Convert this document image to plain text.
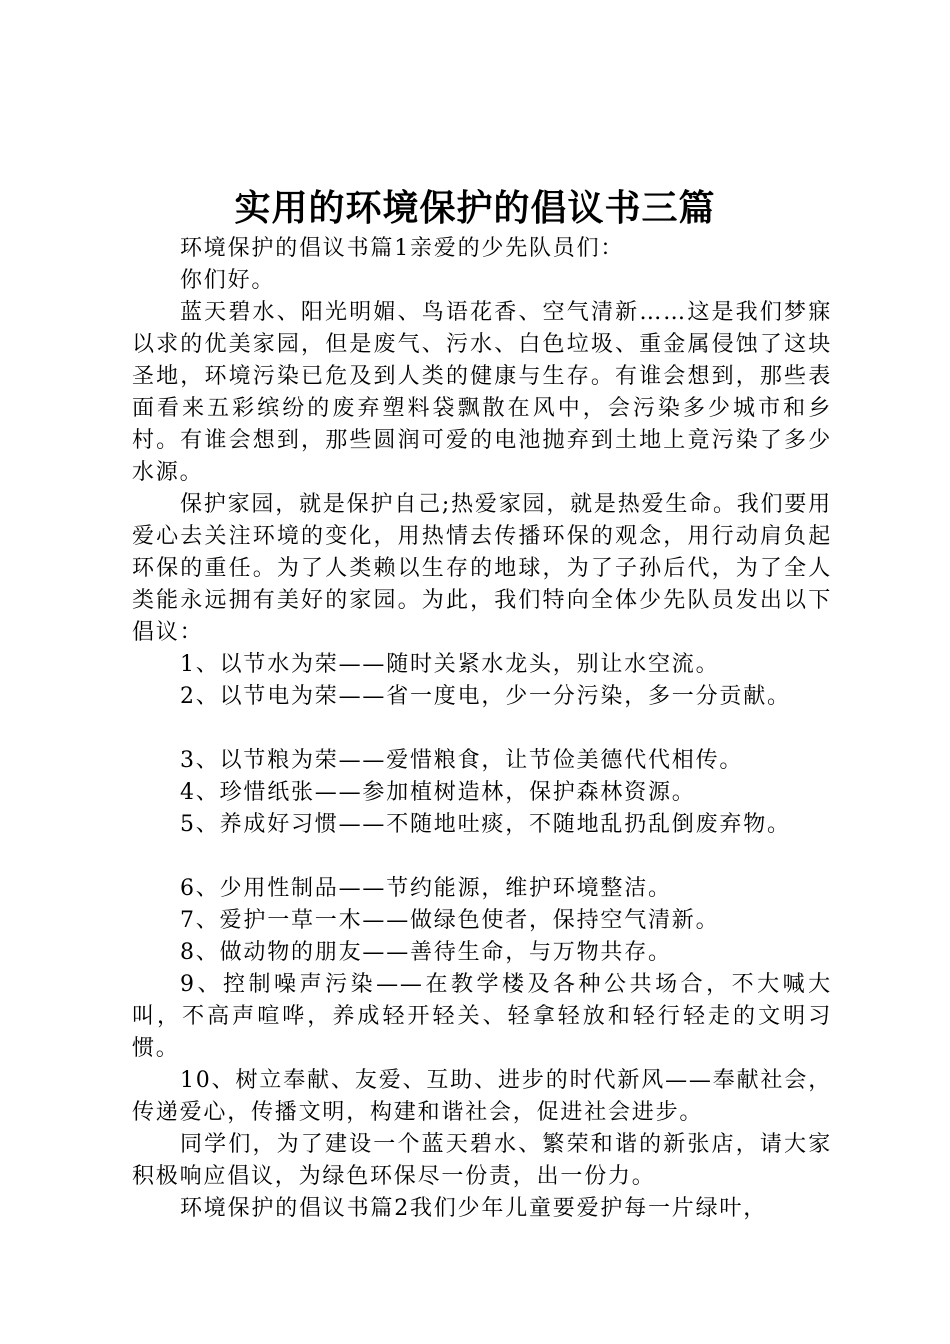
实用的环境保护的倡议书三篇

环境保护的倡议书篇1亲爱的少先队员们：

你们好。

蓝天碧水、阳光明媚、鸟语花香、空气清新……这是我们梦寐以求的优美家园，但是废气、污水、白色垃圾、重金属侵蚀了这块圣地，环境污染已危及到人类的健康与生存。有谁会想到，那些表面看来五彩缤纷的废弃塑料袋飘散在风中，会污染多少城市和乡村。有谁会想到，那些圆润可爱的电池抛弃到土地上竟污染了多少水源。

保护家园，就是保护自己;热爱家园，就是热爱生命。我们要用爱心去关注环境的变化，用热情去传播环保的观念，用行动肩负起环保的重任。为了人类赖以生存的地球，为了子孙后代，为了全人类能永远拥有美好的家园。为此，我们特向全体少先队员发出以下倡议：

1、以节水为荣——随时关紧水龙头，别让水空流。

2、以节电为荣——省一度电，少一分污染，多一分贡献。

3、以节粮为荣——爱惜粮食，让节俭美德代代相传。

4、珍惜纸张——参加植树造林，保护森林资源。

5、养成好习惯——不随地吐痰，不随地乱扔乱倒废弃物。

6、少用性制品——节约能源，维护环境整洁。

7、爱护一草一木——做绿色使者，保持空气清新。

8、做动物的朋友——善待生命，与万物共存。

9、控制噪声污染——在教学楼及各种公共场合，不大喊大叫，不高声喧哗，养成轻开轻关、轻拿轻放和轻行轻走的文明习惯。

10、树立奉献、友爱、互助、进步的时代新风——奉献社会，传递爱心，传播文明，构建和谐社会，促进社会进步。

同学们，为了建设一个蓝天碧水、繁荣和谐的新张店，请大家积极响应倡议，为绿色环保尽一份责，出一份力。

环境保护的倡议书篇2我们少年儿童要爱护每一片绿叶，
